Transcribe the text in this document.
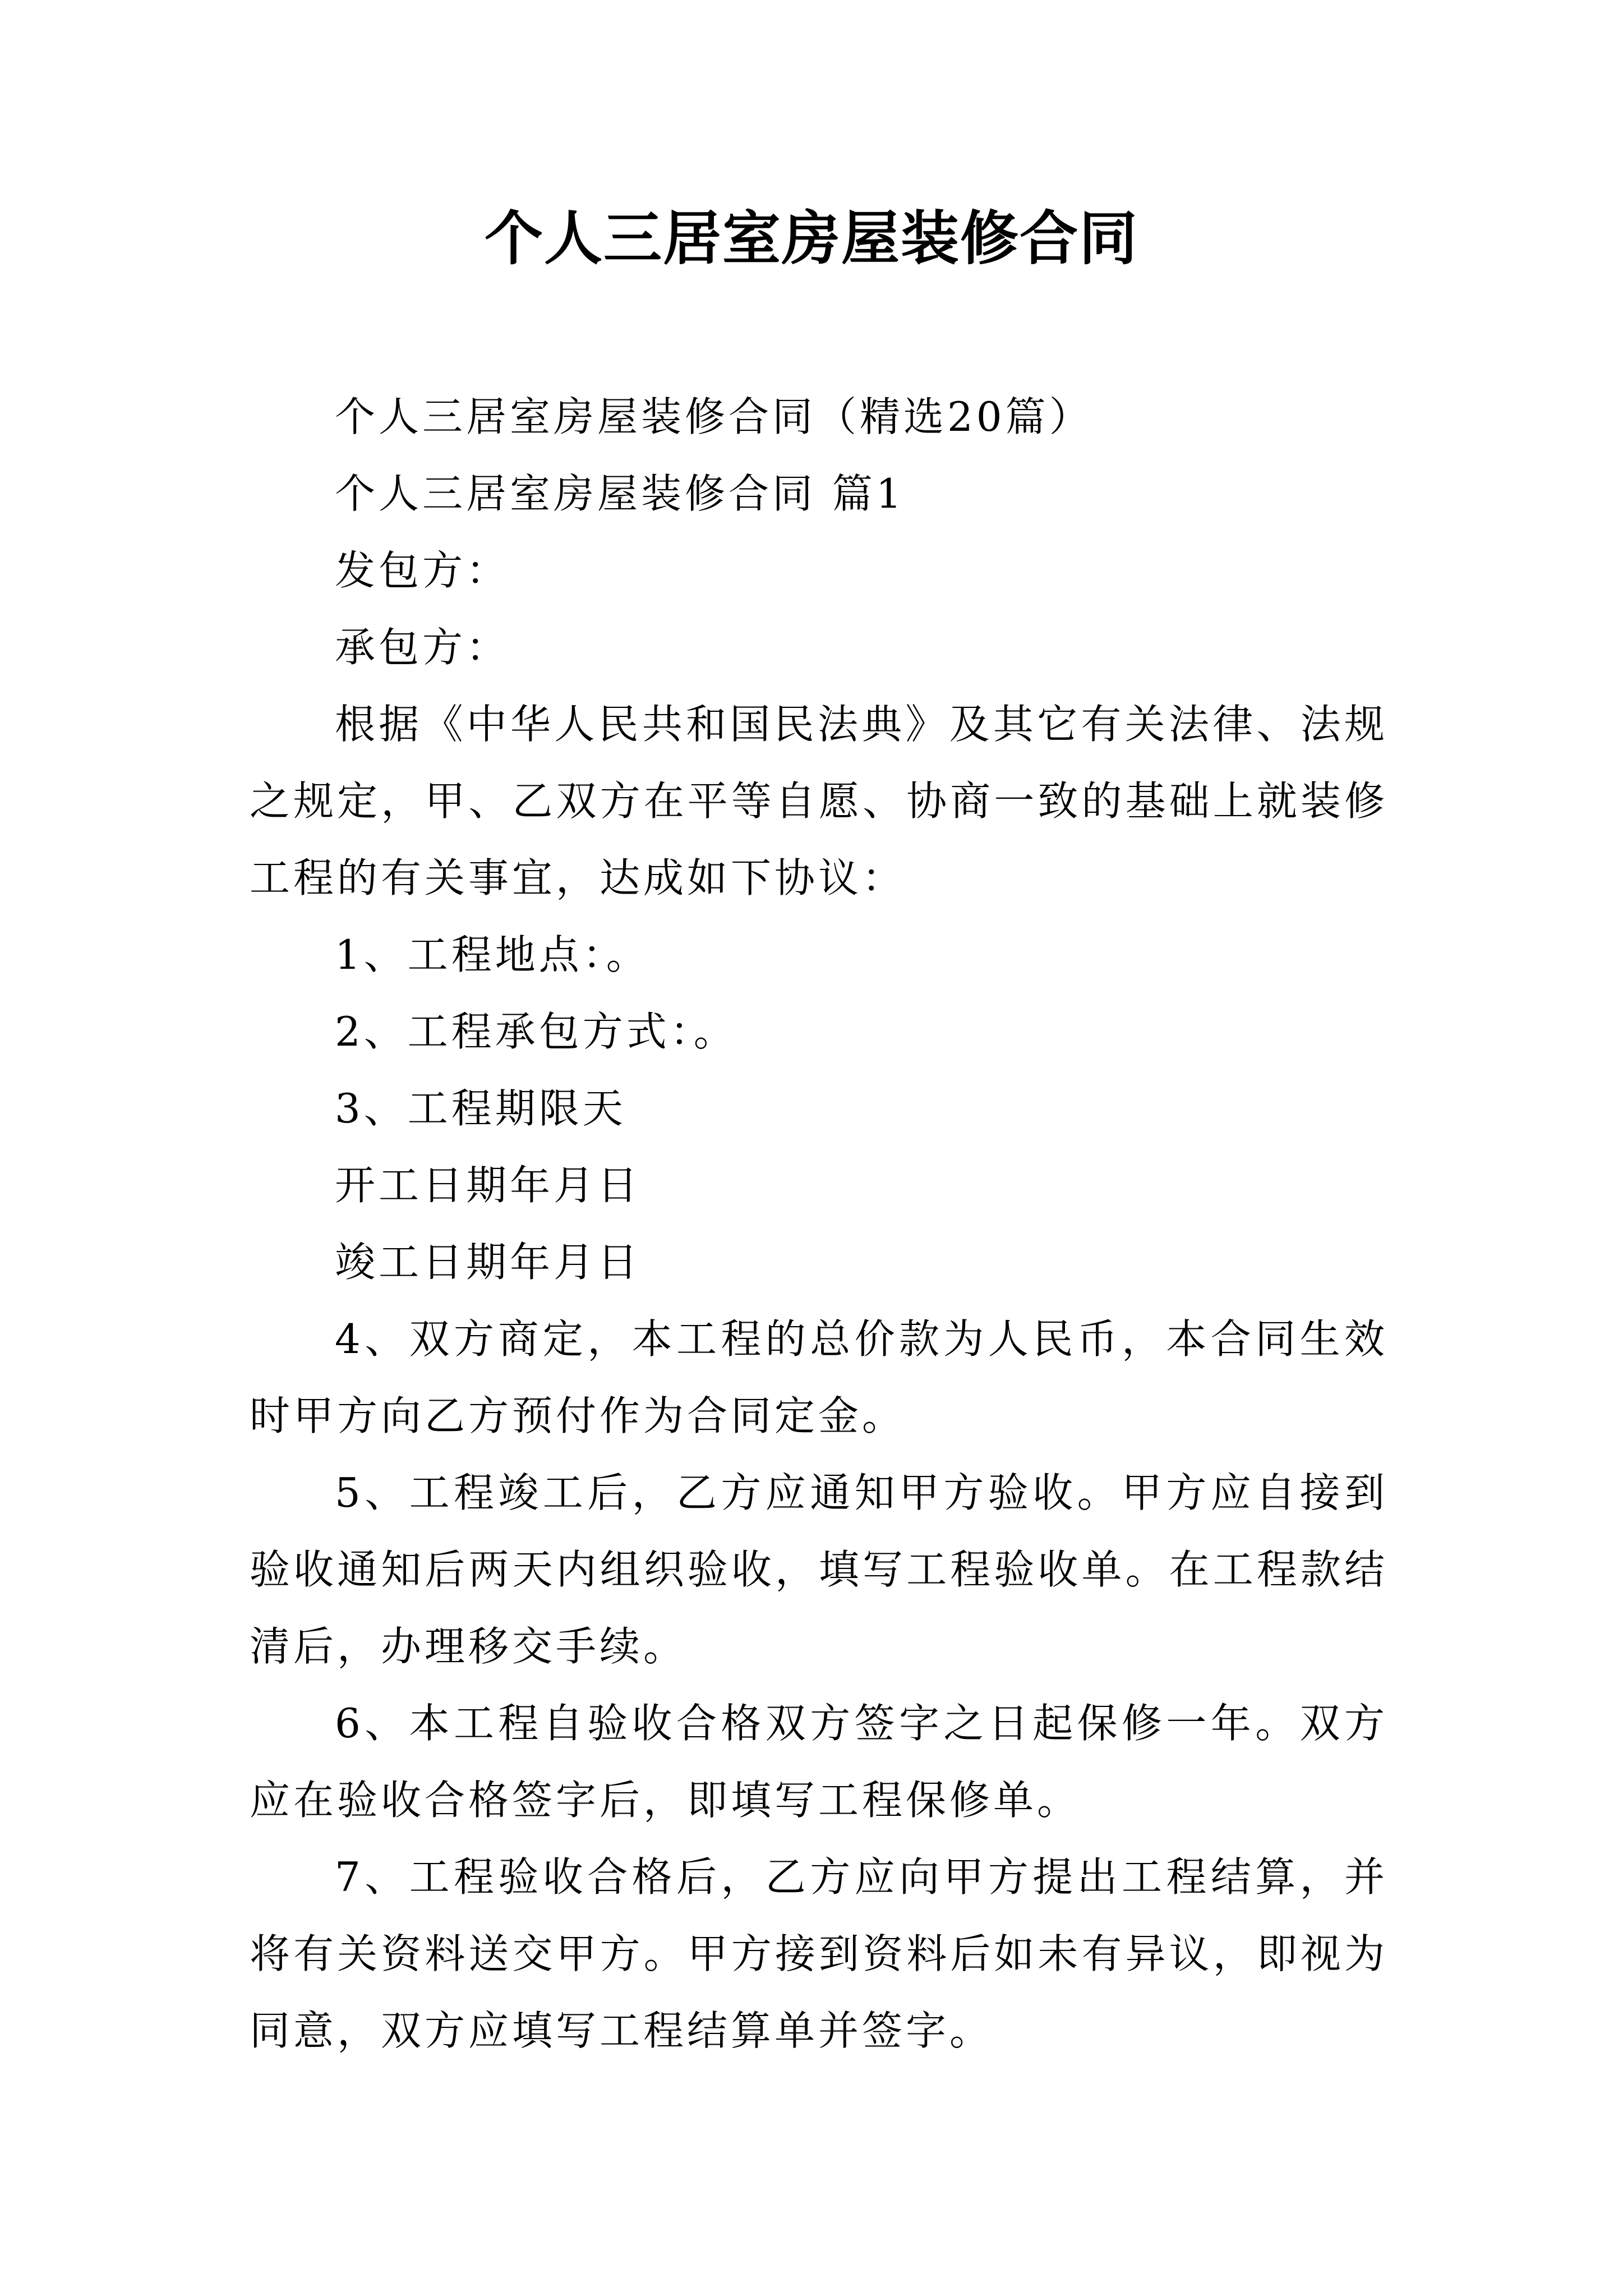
个人三居室房屋装修合同

个人三居室房屋装修合同（精选20篇）

个人三居室房屋装修合同 篇1

发包方：

承包方：

根据《中华人民共和国民法典》及其它有关法律、法规之规定，甲、乙双方在平等自愿、协商一致的基础上就装修工程的有关事宜，达成如下协议：

1、工程地点：。

2、工程承包方式：。

3、工程期限天

开工日期年月日

竣工日期年月日

4、双方商定，本工程的总价款为人民币，本合同生效时甲方向乙方预付作为合同定金。

5、工程竣工后，乙方应通知甲方验收。甲方应自接到验收通知后两天内组织验收，填写工程验收单。在工程款结清后，办理移交手续。

6、本工程自验收合格双方签字之日起保修一年。双方应在验收合格签字后，即填写工程保修单。

7、工程验收合格后，乙方应向甲方提出工程结算，并将有关资料送交甲方。甲方接到资料后如未有异议，即视为同意，双方应填写工程结算单并签字。
